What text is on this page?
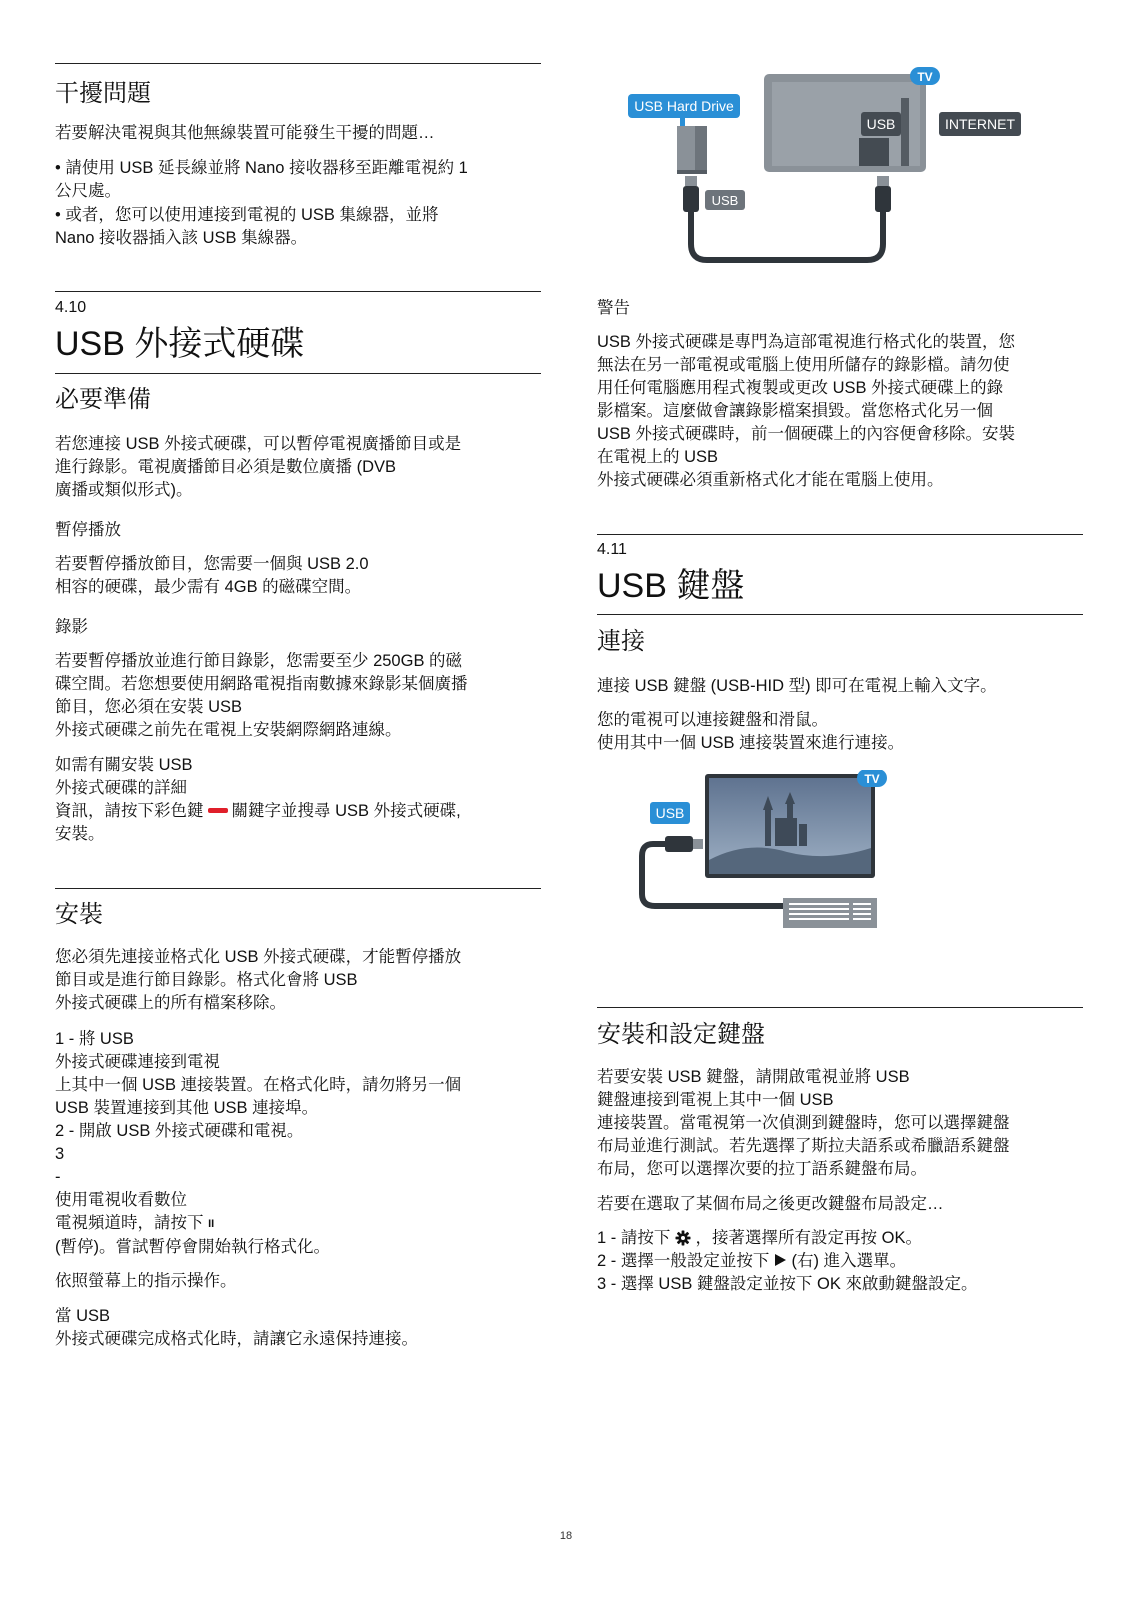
干擾問題

若要解決電視與其他無線裝置可能發生干擾的問題…

• 請使用 USB 延長線並將 Nano 接收器移至距離電視約 1
公尺處。

• 或者，您可以使用連接到電視的 USB 集線器，並將
Nano 接收器插入該 USB 集線器。

4.10
USB 外接式硬碟
必要準備

若您連接 USB 外接式硬碟，可以暫停電視廣播節目或是
進行錄影。電視廣播節目必須是數位廣播 (DVB
廣播或類似形式)。

暫停播放

若要暫停播放節目，您需要一個與 USB 2.0
相容的硬碟，最少需有 4GB 的磁碟空間。

錄影

若要暫停播放並進行節目錄影，您需要至少 250GB 的磁
碟空間。若您想要使用網路電視指南數據來錄影某個廣播
節目，您必須在安裝 USB
外接式硬碟之前先在電視上安裝網際網路連線。

如需有關安裝 USB
外接式硬碟的詳細
資訊，請按下彩色鍵 關鍵字並搜尋 USB 外接式硬碟,
安裝。
安裝

您必須先連接並格式化 USB 外接式硬碟，才能暫停播放
節目或是進行節目錄影。格式化會將 USB
外接式硬碟上的所有檔案移除。

1 - 將 USB
外接式硬碟連接到電視
上其中一個 USB 連接裝置。在格式化時，請勿將另一個
USB 裝置連接到其他 USB 連接埠。
2 - 開啟 USB 外接式硬碟和電視。
3
-
使用電視收看數位
電視頻道時，請按下 II
(暫停)。嘗試暫停會開始執行格式化。

依照螢幕上的指示操作。

當 USB
外接式硬碟完成格式化時，請讓它永遠保持連接。

USB
TV
INTERNET
USB Hard Drive
USB
警告

USB 外接式硬碟是專門為這部電視進行格式化的裝置，您
無法在另一部電視或電腦上使用所儲存的錄影檔。請勿使
用任何電腦應用程式複製或更改 USB 外接式硬碟上的錄
影檔案。這麼做會讓錄影檔案損毀。當您格式化另一個
USB 外接式硬碟時，前一個硬碟上的內容便會移除。安裝
在電視上的 USB
外接式硬碟必須重新格式化才能在電腦上使用。

4.11
USB 鍵盤
連接

連接 USB 鍵盤 (USB-HID 型) 即可在電視上輸入文字。

您的電視可以連接鍵盤和滑鼠。
使用其中一個 USB 連接裝置來進行連接。

TV
USB
安裝和設定鍵盤

若要安裝 USB 鍵盤，請開啟電視並將 USB
鍵盤連接到電視上其中一個 USB
連接裝置。當電視第一次偵測到鍵盤時，您可以選擇鍵盤
布局並進行測試。若先選擇了斯拉夫語系或希臘語系鍵盤
布局，您可以選擇次要的拉丁語系鍵盤布局。

若要在選取了某個布局之後更改鍵盤布局設定…

1 - 請按下 ，接著選擇所有設定再按 OK。
2 - 選擇一般設定並按下  (右) 進入選單。

3 - 選擇 USB 鍵盤設定並按下 OK 來啟動鍵盤設定。

18
